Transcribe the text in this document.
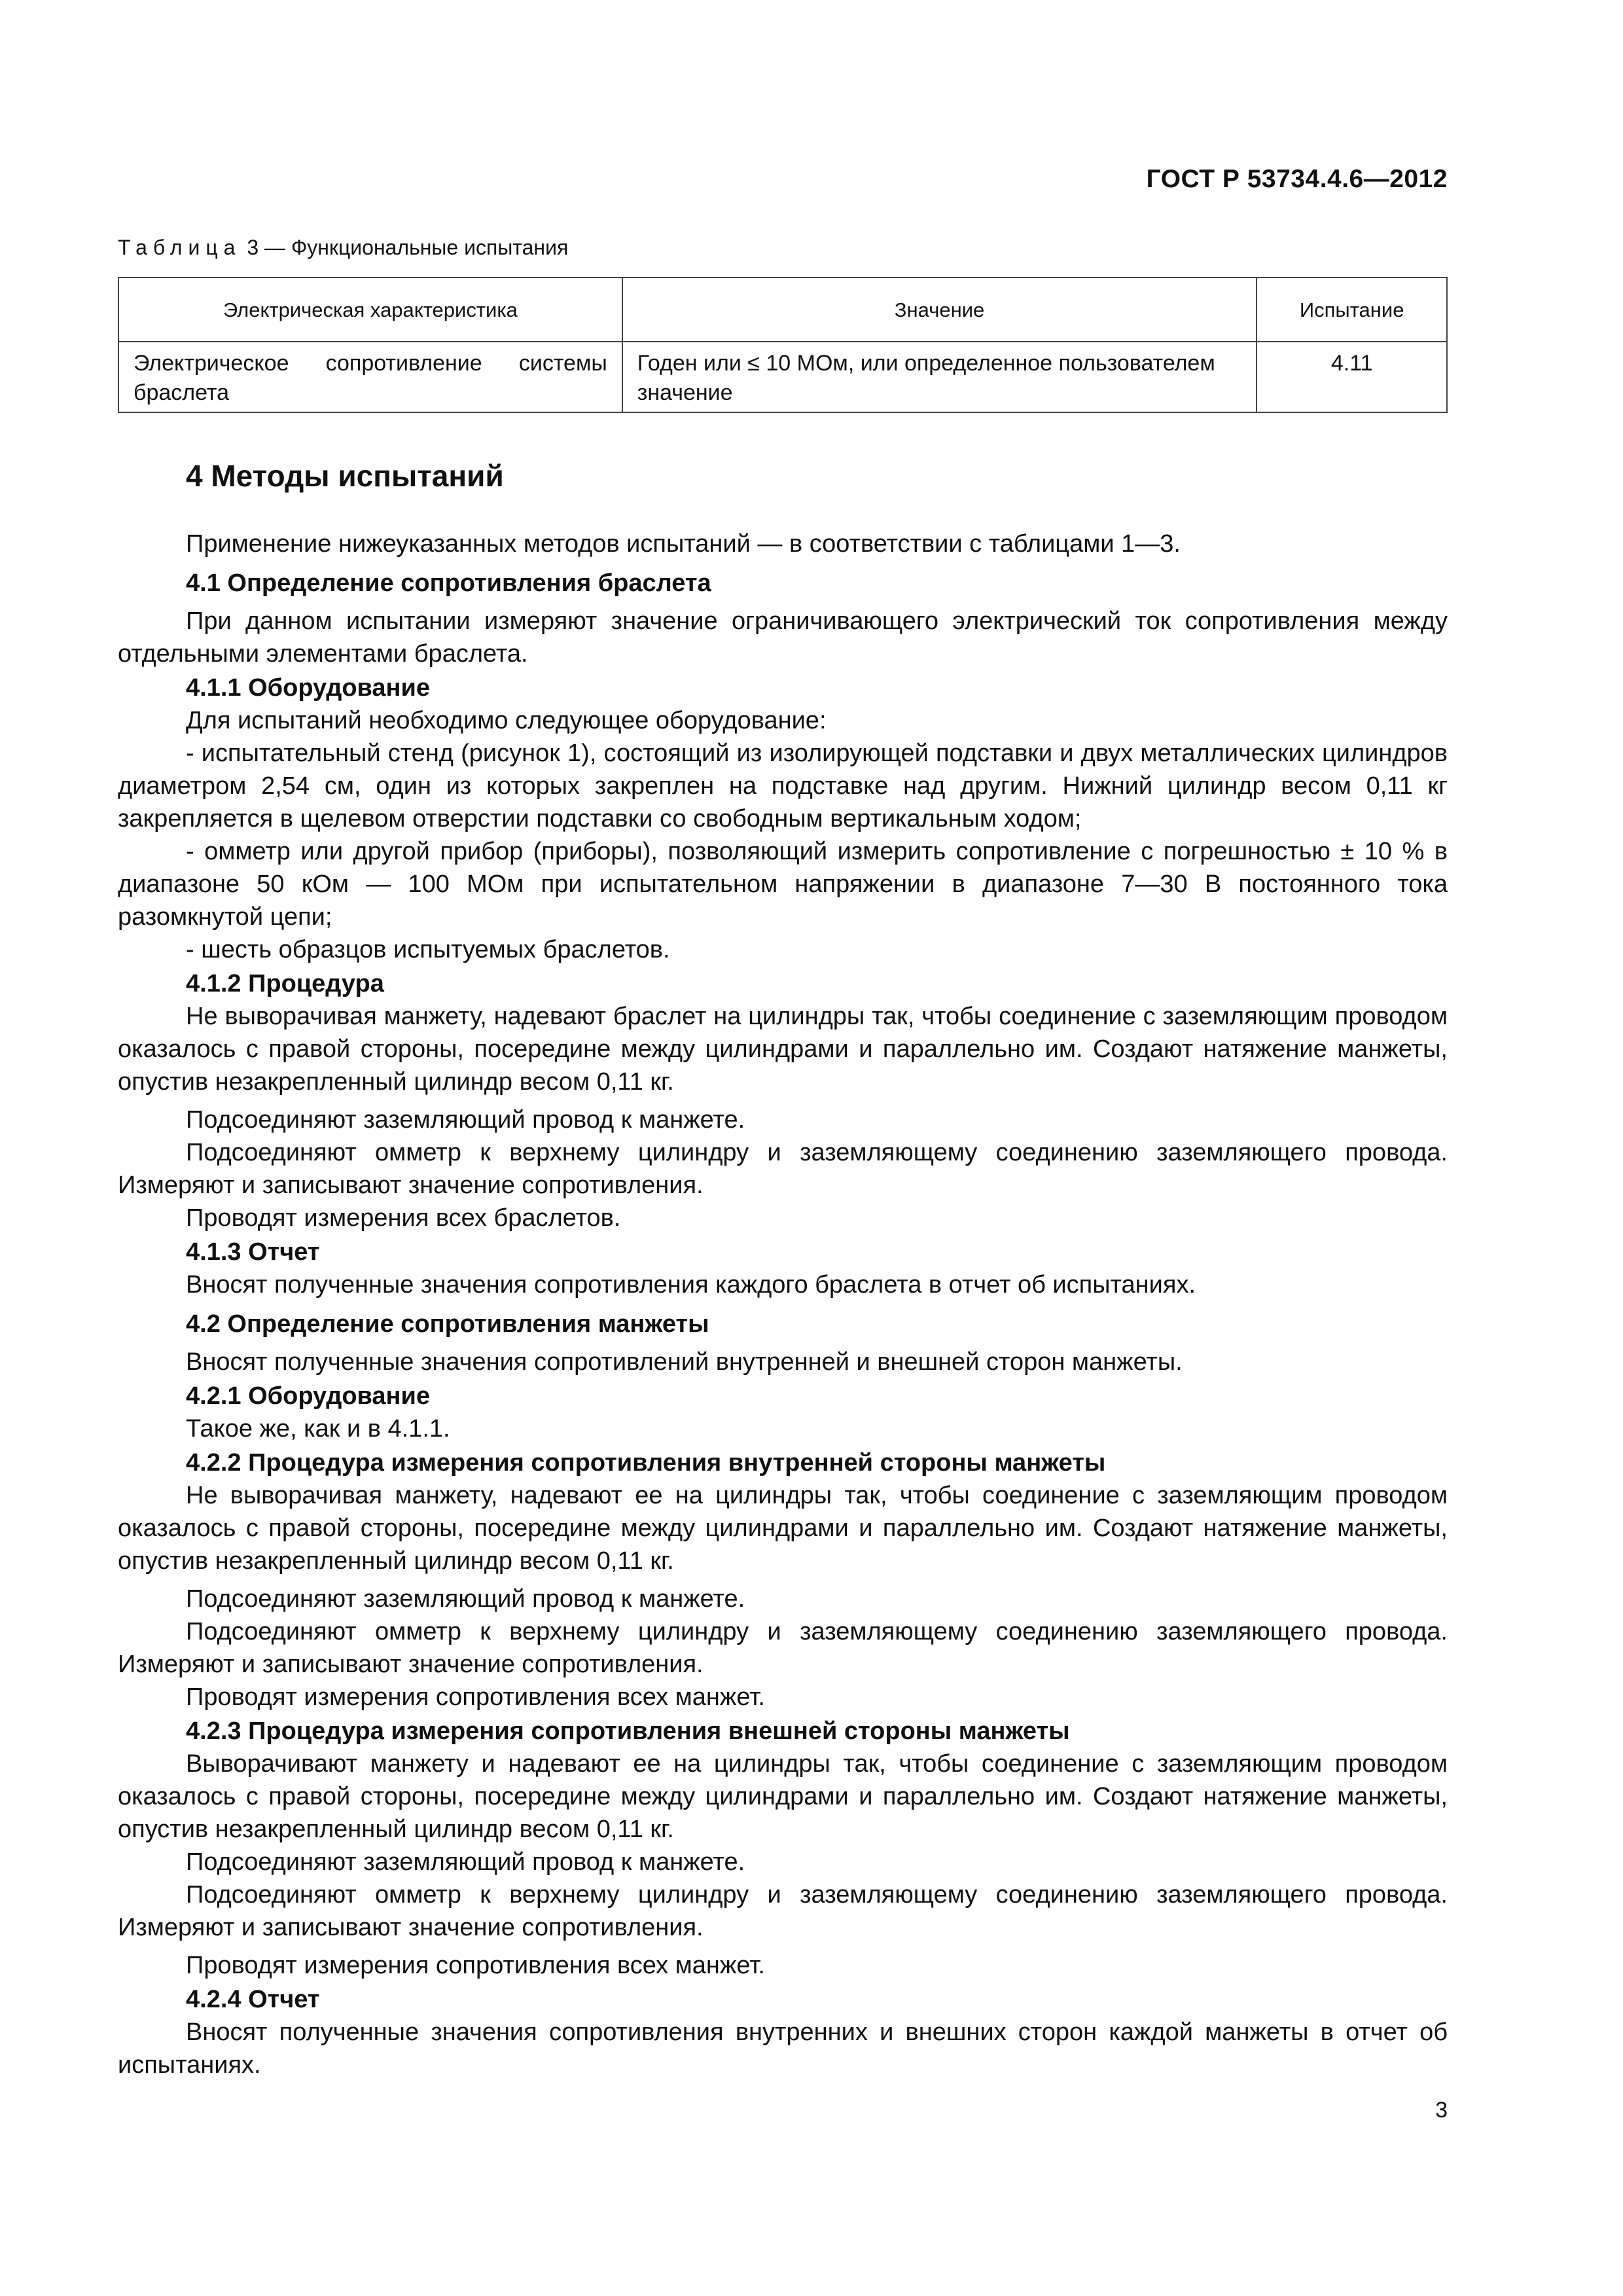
ГОСТ Р 53734.4.6—2012
Таблица 3 — Функциональные испытания
Электрическая характеристика	Значение	Испытание
Электрическое сопротивление системы браслета	Годен или ≤ 10 МОм, или определенное пользователем значение	4.11
4 Методы испытаний

Применение нижеуказанных методов испытаний — в соответствии с таблицами 1—3.

4.1 Определение сопротивления браслета

При данном испытании измеряют значение ограничивающего электрический ток сопротивления между отдельными элементами браслета.

4.1.1 Оборудование

Для испытаний необходимо следующее оборудование:

- испытательный стенд (рисунок 1), состоящий из изолирующей подставки и двух металлических цилиндров диаметром 2,54 см, один из которых закреплен на подставке над другим. Нижний цилиндр весом 0,11 кг закрепляется в щелевом отверстии подставки со свободным вертикальным ходом;

- омметр или другой прибор (приборы), позволяющий измерить сопротивление с погрешностью ± 10 % в диапазоне 50 кОм — 100 МОм при испытательном напряжении в диапазоне 7—30 В постоянного тока разомкнутой цепи;

- шесть образцов испытуемых браслетов.

4.1.2 Процедура

Не выворачивая манжету, надевают браслет на цилиндры так, чтобы соединение с заземляющим проводом оказалось с правой стороны, посередине между цилиндрами и параллельно им. Создают натяжение манжеты, опустив незакрепленный цилиндр весом 0,11 кг.

Подсоединяют заземляющий провод к манжете.

Подсоединяют омметр к верхнему цилиндру и заземляющему соединению заземляющего провода. Измеряют и записывают значение сопротивления.

Проводят измерения всех браслетов.

4.1.3 Отчет

Вносят полученные значения сопротивления каждого браслета в отчет об испытаниях.

4.2 Определение сопротивления манжеты

Вносят полученные значения сопротивлений внутренней и внешней сторон манжеты.

4.2.1 Оборудование

Такое же, как и в 4.1.1.

4.2.2 Процедура измерения сопротивления внутренней стороны манжеты

Не выворачивая манжету, надевают ее на цилиндры так, чтобы соединение с заземляющим проводом оказалось с правой стороны, посередине между цилиндрами и параллельно им. Создают натяжение манжеты, опустив незакрепленный цилиндр весом 0,11 кг.

Подсоединяют заземляющий провод к манжете.

Подсоединяют омметр к верхнему цилиндру и заземляющему соединению заземляющего провода. Измеряют и записывают значение сопротивления.

Проводят измерения сопротивления всех манжет.

4.2.3 Процедура измерения сопротивления внешней стороны манжеты

Выворачивают манжету и надевают ее на цилиндры так, чтобы соединение с заземляющим проводом оказалось с правой стороны, посередине между цилиндрами и параллельно им. Создают натяжение манжеты, опустив незакрепленный цилиндр весом 0,11 кг.

Подсоединяют заземляющий провод к манжете.

Подсоединяют омметр к верхнему цилиндру и заземляющему соединению заземляющего провода. Измеряют и записывают значение сопротивления.

Проводят измерения сопротивления всех манжет.

4.2.4 Отчет

Вносят полученные значения сопротивления внутренних и внешних сторон каждой манжеты в отчет об испытаниях.

3
